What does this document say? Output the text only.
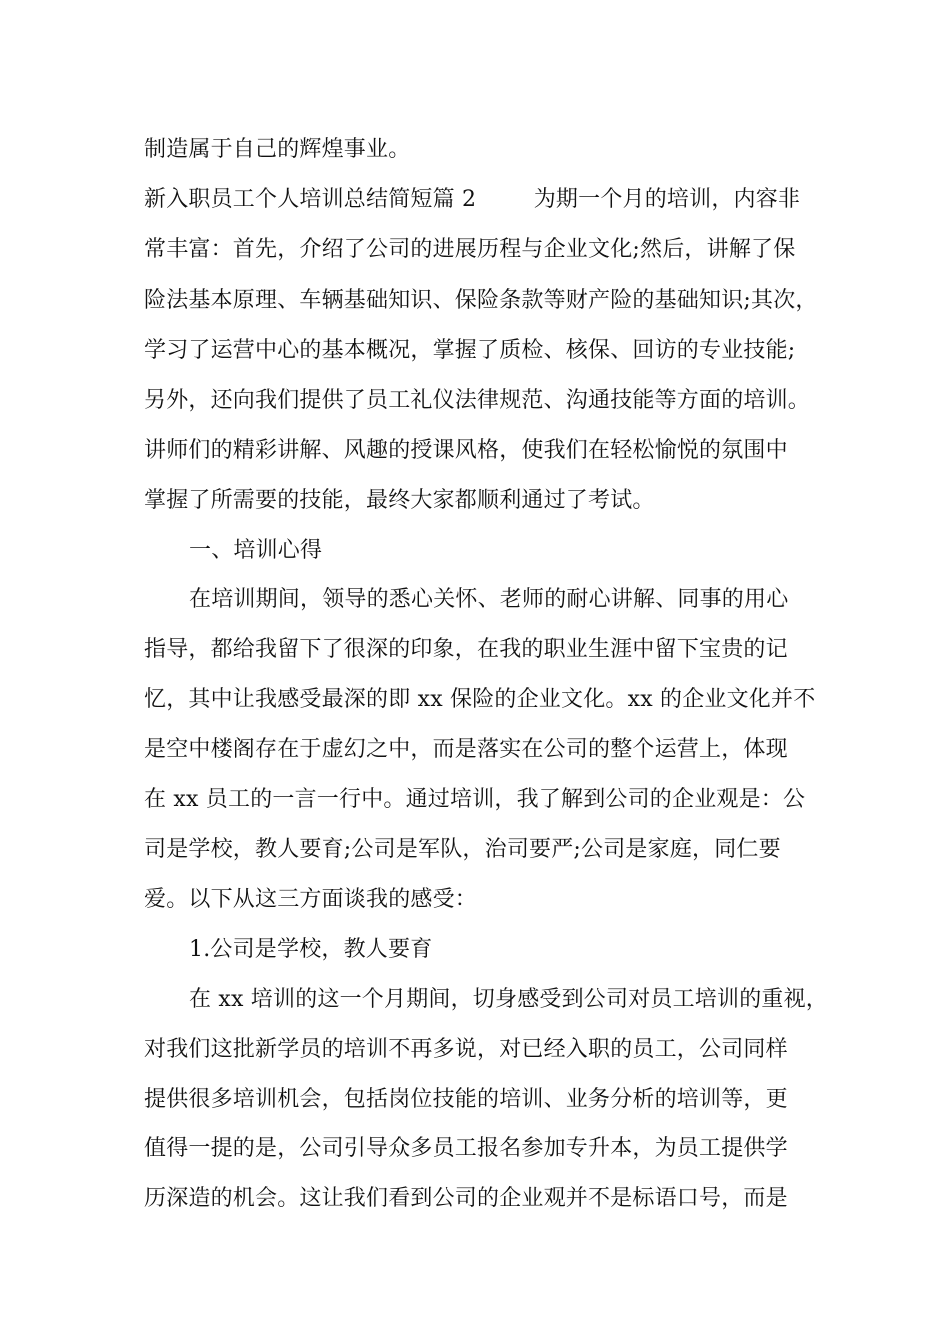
制造属于自己的辉煌事业。
新入职员工个人培训总结简短篇 2        为期一个月的培训，内容非
常丰富：首先，介绍了公司的进展历程与企业文化;然后，讲解了保
险法基本原理、车辆基础知识、保险条款等财产险的基础知识;其次，
学习了运营中心的基本概况，掌握了质检、核保、回访的专业技能;
另外，还向我们提供了员工礼仪法律规范、沟通技能等方面的培训。
讲师们的精彩讲解、风趣的授课风格，使我们在轻松愉悦的氛围中
掌握了所需要的技能，最终大家都顺利通过了考试。
一、培训心得
在培训期间，领导的悉心关怀、老师的耐心讲解、同事的用心
指导，都给我留下了很深的印象，在我的职业生涯中留下宝贵的记
忆，其中让我感受最深的即 xx 保险的企业文化。xx 的企业文化并不
是空中楼阁存在于虚幻之中，而是落实在公司的整个运营上，体现
在 xx 员工的一言一行中。通过培训，我了解到公司的企业观是：公
司是学校，教人要育;公司是军队，治司要严;公司是家庭，同仁要
爱。以下从这三方面谈我的感受：
1.公司是学校，教人要育
在 xx 培训的这一个月期间，切身感受到公司对员工培训的重视，
对我们这批新学员的培训不再多说，对已经入职的员工，公司同样
提供很多培训机会，包括岗位技能的培训、业务分析的培训等，更
值得一提的是，公司引导众多员工报名参加专升本，为员工提供学
历深造的机会。这让我们看到公司的企业观并不是标语口号，而是
